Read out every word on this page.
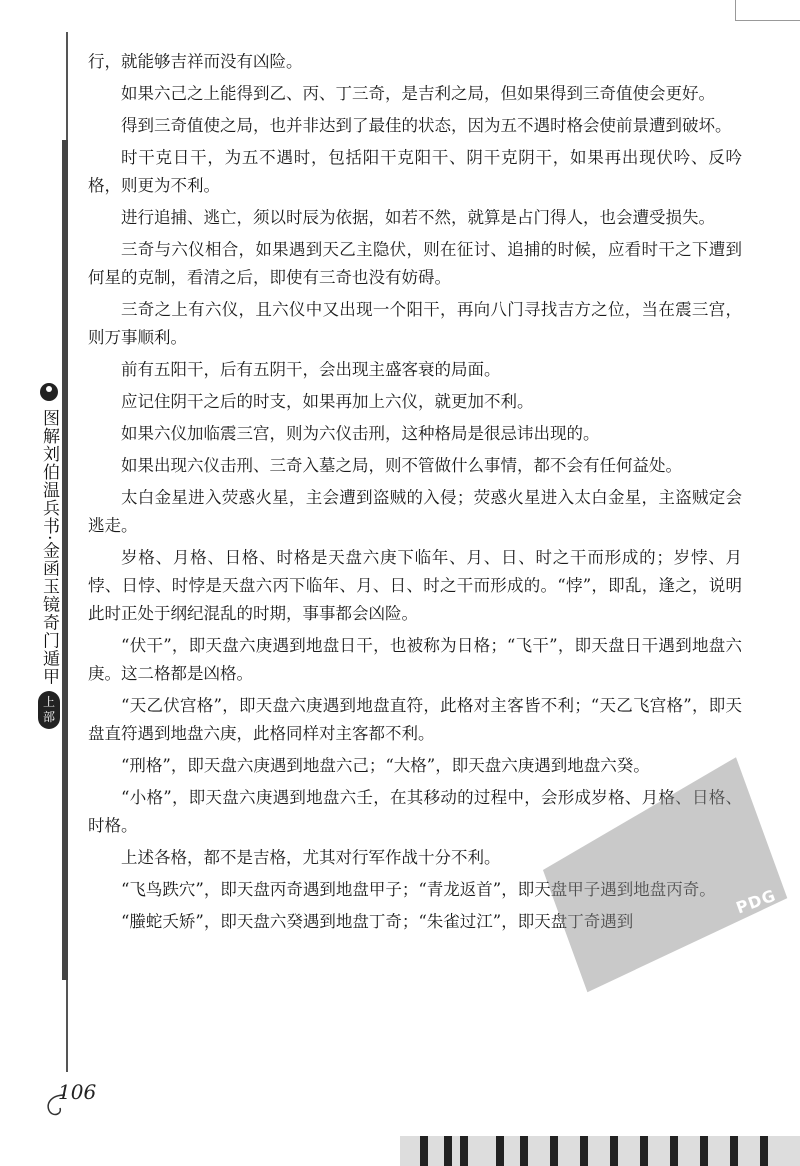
图解刘伯温兵书·金函玉镜奇门遁甲
上
部

行，就能够吉祥而没有凶险。

如果六己之上能得到乙、丙、丁三奇，是吉利之局，但如果得到三奇值使会更好。

得到三奇值使之局，也并非达到了最佳的状态，因为五不遇时格会使前景遭到破坏。

时干克日干，为五不遇时，包括阳干克阳干、阴干克阴干，如果再出现伏吟、反吟格，则更为不利。

进行追捕、逃亡，须以时辰为依据，如若不然，就算是占门得人，也会遭受损失。

三奇与六仪相合，如果遇到天乙主隐伏，则在征讨、追捕的时候，应看时干之下遭到何星的克制，看清之后，即使有三奇也没有妨碍。

三奇之上有六仪，且六仪中又出现一个阳干，再向八门寻找吉方之位，当在震三宫，则万事顺利。

前有五阳干，后有五阴干，会出现主盛客衰的局面。

应记住阴干之后的时支，如果再加上六仪，就更加不利。

如果六仪加临震三宫，则为六仪击刑，这种格局是很忌讳出现的。

如果出现六仪击刑、三奇入墓之局，则不管做什么事情，都不会有任何益处。

太白金星进入荧惑火星，主会遭到盗贼的入侵；荧惑火星进入太白金星，主盗贼定会逃走。

岁格、月格、日格、时格是天盘六庚下临年、月、日、时之干而形成的；岁悖、月悖、日悖、时悖是天盘六丙下临年、月、日、时之干而形成的。“悖”，即乱，逢之，说明此时正处于纲纪混乱的时期，事事都会凶险。

“伏干”，即天盘六庚遇到地盘日干，也被称为日格；“飞干”，即天盘日干遇到地盘六庚。这二格都是凶格。

“天乙伏宫格”，即天盘六庚遇到地盘直符，此格对主客皆不利；“天乙飞宫格”，即天盘直符遇到地盘六庚，此格同样对主客都不利。

“刑格”，即天盘六庚遇到地盘六己；“大格”，即天盘六庚遇到地盘六癸。

“小格”，即天盘六庚遇到地盘六壬，在其移动的过程中，会形成岁格、月格、日格、时格。

上述各格，都不是吉格，尤其对行军作战十分不利。

“飞鸟跌穴”，即天盘丙奇遇到地盘甲子；“青龙返首”，即天盘甲子遇到地盘丙奇。

“螣蛇夭矫”，即天盘六癸遇到地盘丁奇；“朱雀过江”，即天盘丁奇遇到

PDG
106
